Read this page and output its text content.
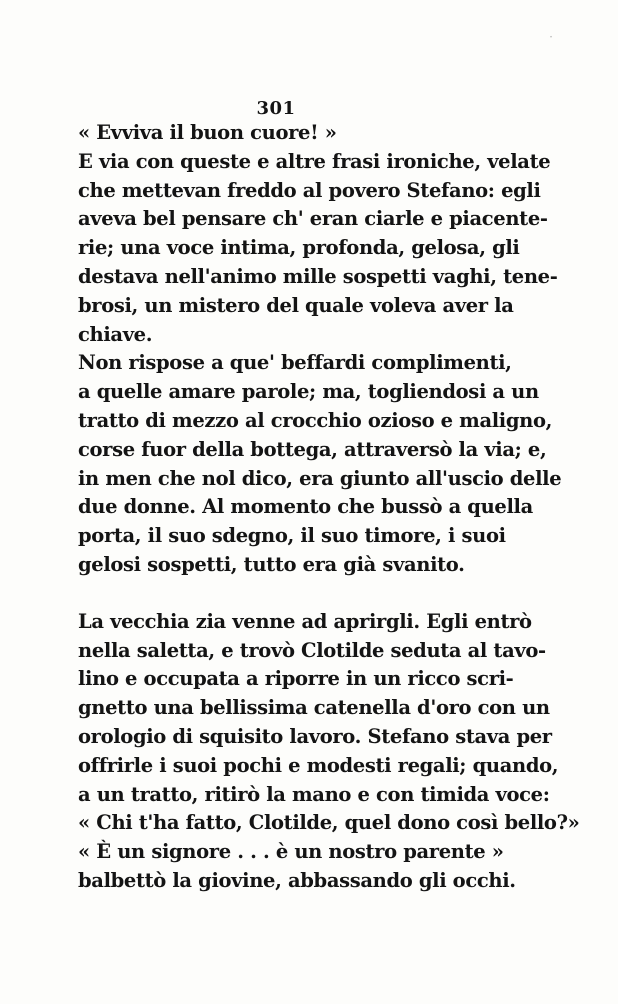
·
301
« Evviva il buon cuore! »
E via con queste e altre frasi ironiche, velate
che mettevan freddo al povero Stefano: egli
aveva bel pensare ch' eran ciarle e piacente-
rie; una voce intima, profonda, gelosa, gli
destava nell'animo mille sospetti vaghi, tene-
brosi, un mistero del quale voleva aver la
chiave.
Non rispose a que' beffardi complimenti,
a quelle amare parole; ma, togliendosi a un
tratto di mezzo al crocchio ozioso e maligno,
corse fuor della bottega, attraversò la via; e,
in men che nol dico, era giunto all'uscio delle
due donne. Al momento che bussò a quella
porta, il suo sdegno, il suo timore, i suoi
gelosi sospetti, tutto era già svanito.
La vecchia zia venne ad aprirgli. Egli entrò
nella saletta, e trovò Clotilde seduta al tavo-
lino e occupata a riporre in un ricco scri-
gnetto una bellissima catenella d'oro con un
orologio di squisito lavoro. Stefano stava per
offrirle i suoi pochi e modesti regali; quando,
a un tratto, ritirò la mano e con timida voce:
« Chi t'ha fatto, Clotilde, quel dono così bello?»
« È un signore . . . è un nostro parente »
balbettò la giovine, abbassando gli occhi.
